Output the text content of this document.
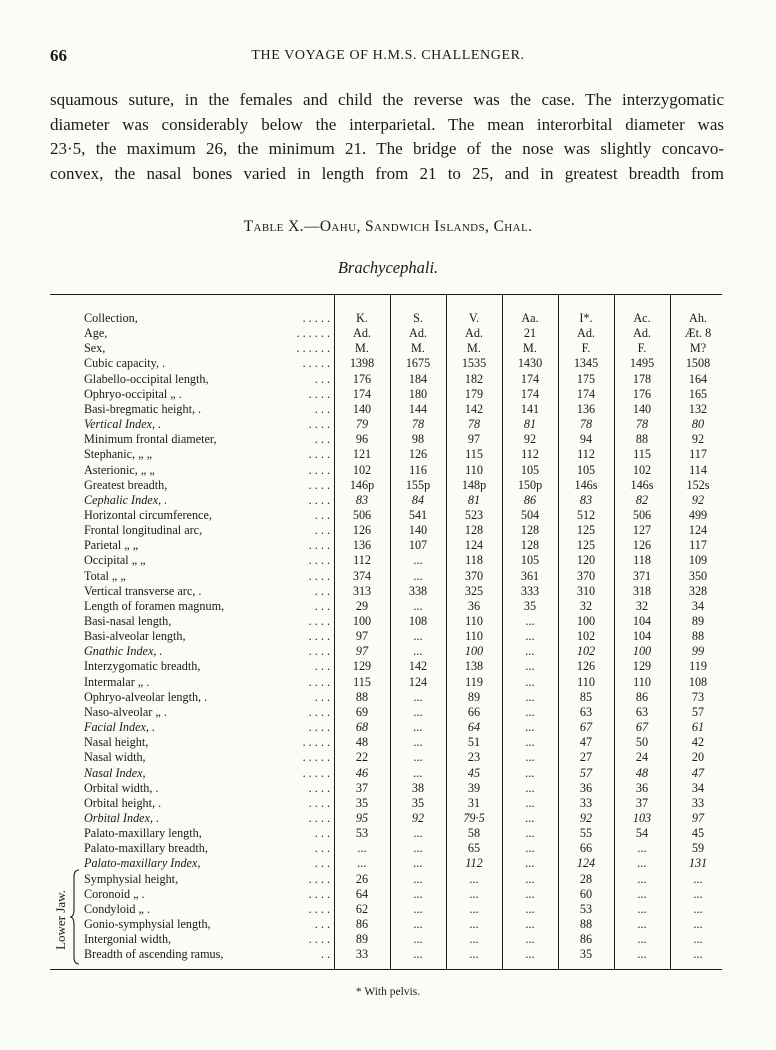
66	THE VOYAGE OF H.M.S. CHALLENGER.
squamous suture, in the females and child the reverse was the case. The interzygomatic
diameter was considerably below the interparietal. The mean interorbital diameter was
23·5, the maximum 26, the minimum 21. The bridge of the nose was slightly concavo-
convex, the nasal bones varied in length from 21 to 25, and in greatest breadth from
Table X.—Oahu, Sandwich Islands, Chal.
Brachycephali.
Collection,	. . . . .	K.	S.	V.	Aa.	I*.	Ac.	Ah.
Age,	. . . . . .	Ad.	Ad.	Ad.	21	Ad.	Ad.	Æt. 8
Sex,	. . . . . .	M.	M.	M.	M.	F.	F.	M?
Cubic capacity, .	. . . . .	1398	1675	1535	1430	1345	1495	1508
Glabello-occipital length,	. . .	176	184	182	174	175	178	164
Ophryo-occipital „ .	. . . .	174	180	179	174	174	176	165
Basi-bregmatic height, .	. . .	140	144	142	141	136	140	132
Vertical Index, .	. . . .	79	78	78	81	78	78	80
Minimum frontal diameter,	. . .	96	98	97	92	94	88	92
Stephanic, „ „	. . . .	121	126	115	112	112	115	117
Asterionic, „ „	. . . .	102	116	110	105	105	102	114
Greatest breadth,	. . . .	146p	155p	148p	150p	146s	146s	152s
Cephalic Index, .	. . . .	83	84	81	86	83	82	92
Horizontal circumference,	. . .	506	541	523	504	512	506	499
Frontal longitudinal arc,	. . .	126	140	128	128	125	127	124
Parietal „ „	. . . .	136	107	124	128	125	126	117
Occipital „ „	. . . .	112	...	118	105	120	118	109
Total „ „	. . . .	374	...	370	361	370	371	350
Vertical transverse arc, .	. . .	313	338	325	333	310	318	328
Length of foramen magnum,	. . .	29	...	36	35	32	32	34
Basi-nasal length,	. . . .	100	108	110	...	100	104	89
Basi-alveolar length,	. . . .	97	...	110	...	102	104	88
Gnathic Index, .	. . . .	97	...	100	...	102	100	99
Interzygomatic breadth,	. . .	129	142	138	...	126	129	119
Intermalar „ .	. . . .	115	124	119	...	110	110	108
Ophryo-alveolar length, .	. . .	88	...	89	...	85	86	73
Naso-alveolar „ .	. . . .	69	...	66	...	63	63	57
Facial Index, .	. . . .	68	...	64	...	67	67	61
Nasal height,	. . . . .	48	...	51	...	47	50	42
Nasal width,	. . . . .	22	...	23	...	27	24	20
Nasal Index,	. . . . .	46	...	45	...	57	48	47
Orbital width, .	. . . .	37	38	39	...	36	36	34
Orbital height, .	. . . .	35	35	31	...	33	37	33
Orbital Index, .	. . . .	95	92	79·5	...	92	103	97
Palato-maxillary length,	. . .	53	...	58	...	55	54	45
Palato-maxillary breadth,	. . .	...	...	65	...	66	...	59
Palato-maxillary Index,	. . .	...	...	112	...	124	...	131
Symphysial height,	. . . .	26	...	...	...	28	...	...
Coronoid „ .	. . . .	64	...	...	...	60	...	...
Condyloid „ .	. . . .	62	...	...	...	53	...	...
Gonio-symphysial length,	. . .	86	...	...	...	88	...	...
Intergonial width,	. . . .	89	...	...	...	86	...	...
Breadth of ascending ramus,	. .	33	...	...	...	35	...	...
Lower Jaw.
* With pelvis.
